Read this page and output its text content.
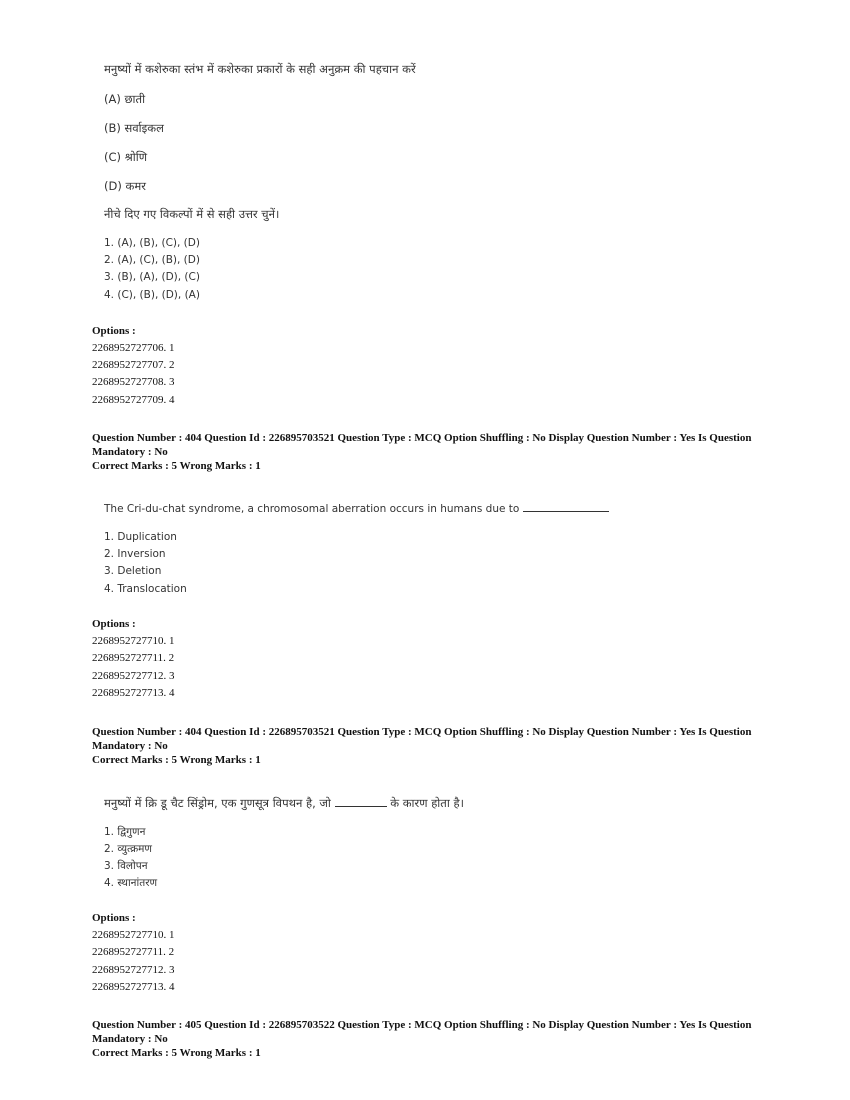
मनुष्यों में कशेरुका स्तंभ में कशेरुका प्रकारों के सही अनुक्रम की पहचान करें
(A) छाती
(B) सर्वाइकल
(C) श्रोणि
(D) कमर
नीचे दिए गए विकल्पों में से सही उत्तर चुनें।
1. (A), (B), (C), (D)
2. (A), (C), (B), (D)
3. (B), (A), (D), (C)
4. (C), (B), (D), (A)
Options :
2268952727706. 1
2268952727707. 2
2268952727708. 3
2268952727709. 4
Question Number : 404 Question Id : 226895703521 Question Type : MCQ Option Shuffling : No Display Question Number : Yes Is Question Mandatory : No
Correct Marks : 5 Wrong Marks : 1
The Cri-du-chat syndrome, a chromosomal aberration occurs in humans due to
1. Duplication
2. Inversion
3. Deletion
4. Translocation
Options :
2268952727710. 1
2268952727711. 2
2268952727712. 3
2268952727713. 4
Question Number : 404 Question Id : 226895703521 Question Type : MCQ Option Shuffling : No Display Question Number : Yes Is Question Mandatory : No
Correct Marks : 5 Wrong Marks : 1
मनुष्यों में क्रि डू चैट सिंड्रोम, एक गुणसूत्र विपथन है, जो	के कारण होता है।
1. द्विगुणन
2. व्युत्क्रमण
3. विलोपन
4. स्थानांतरण
Options :
2268952727710. 1
2268952727711. 2
2268952727712. 3
2268952727713. 4
Question Number : 405 Question Id : 226895703522 Question Type : MCQ Option Shuffling : No Display Question Number : Yes Is Question Mandatory : No
Correct Marks : 5 Wrong Marks : 1
